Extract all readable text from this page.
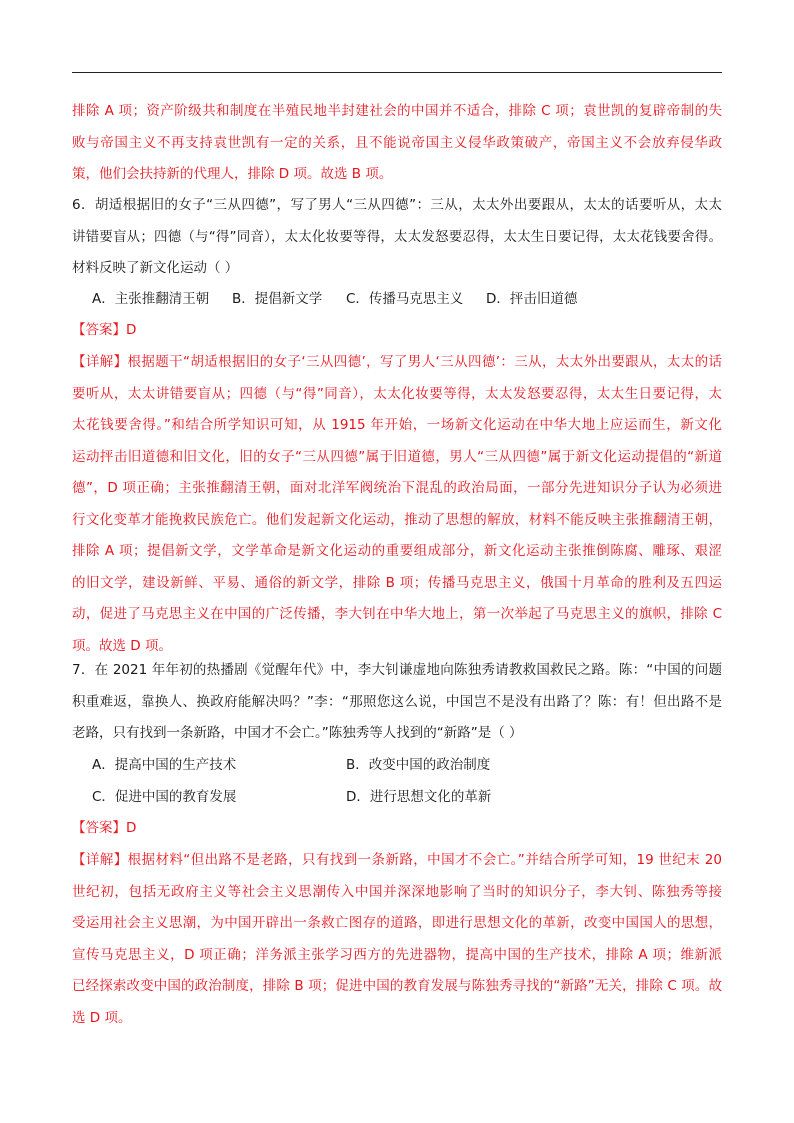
排除 A 项；资产阶级共和制度在半殖民地半封建社会的中国并不适合，排除 C 项；袁世凯的复辟帝制的失
败与帝国主义不再支持袁世凯有一定的关系，且不能说帝国主义侵华政策破产，帝国主义不会放弃侵华政
策，他们会扶持新的代理人，排除 D 项。故选 B 项。
6．胡适根据旧的女子“三从四德”，写了男人“三从四德”：三从，太太外出要跟从，太太的话要听从，太太
讲错要盲从；四德（与“得”同音），太太化妆要等得，太太发怒要忍得，太太生日要记得，太太花钱要舍得。
材料反映了新文化运动（ ）
A．主张推翻清王朝 B．提倡新文学 C．传播马克思主义 D．抨击旧道德
【答案】D
【详解】根据题干“胡适根据旧的女子‘三从四德’，写了男人‘三从四德’：三从，太太外出要跟从，太太的话
要听从，太太讲错要盲从；四德（与“得”同音），太太化妆要等得，太太发怒要忍得，太太生日要记得，太
太花钱要舍得。”和结合所学知识可知，从 1915 年开始，一场新文化运动在中华大地上应运而生，新文化
运动抨击旧道德和旧文化，旧的女子“三从四德”属于旧道德，男人“三从四德”属于新文化运动提倡的“新道
德”，D 项正确；主张推翻清王朝，面对北洋军阀统治下混乱的政治局面，一部分先进知识分子认为必须进
行文化变革才能挽救民族危亡。他们发起新文化运动，推动了思想的解放，材料不能反映主张推翻清王朝，
排除 A 项；提倡新文学，文学革命是新文化运动的重要组成部分，新文化运动主张推倒陈腐、雕琢、艰涩
的旧文学，建设新鲜、平易、通俗的新文学，排除 B 项；传播马克思主义，俄国十月革命的胜利及五四运
动，促进了马克思主义在中国的广泛传播，李大钊在中华大地上，第一次举起了马克思主义的旗帜，排除 C
项。故选 D 项。
7．在 2021 年年初的热播剧《觉醒年代》中，李大钊谦虚地向陈独秀请教救国救民之路。陈：“中国的问题
积重难返，靠换人、换政府能解决吗？”李：“那照您这么说，中国岂不是没有出路了？陈：有！但出路不是
老路，只有找到一条新路，中国才不会亡。”陈独秀等人找到的“新路”是（ ）
A．提高中国的生产技术	B．改变中国的政治制度
C．促进中国的教育发展	D．进行思想文化的革新
【答案】D
【详解】根据材料“但出路不是老路，只有找到一条新路，中国才不会亡。”并结合所学可知，19 世纪末 20
世纪初，包括无政府主义等社会主义思潮传入中国并深深地影响了当时的知识分子，李大钊、陈独秀等接
受运用社会主义思潮，为中国开辟出一条救亡图存的道路，即进行思想文化的革新，改变中国国人的思想，
宣传马克思主义，D 项正确；洋务派主张学习西方的先进器物，提高中国的生产技术，排除 A 项；维新派
已经探索改变中国的政治制度，排除 B 项；促进中国的教育发展与陈独秀寻找的“新路”无关，排除 C 项。故
选 D 项。
